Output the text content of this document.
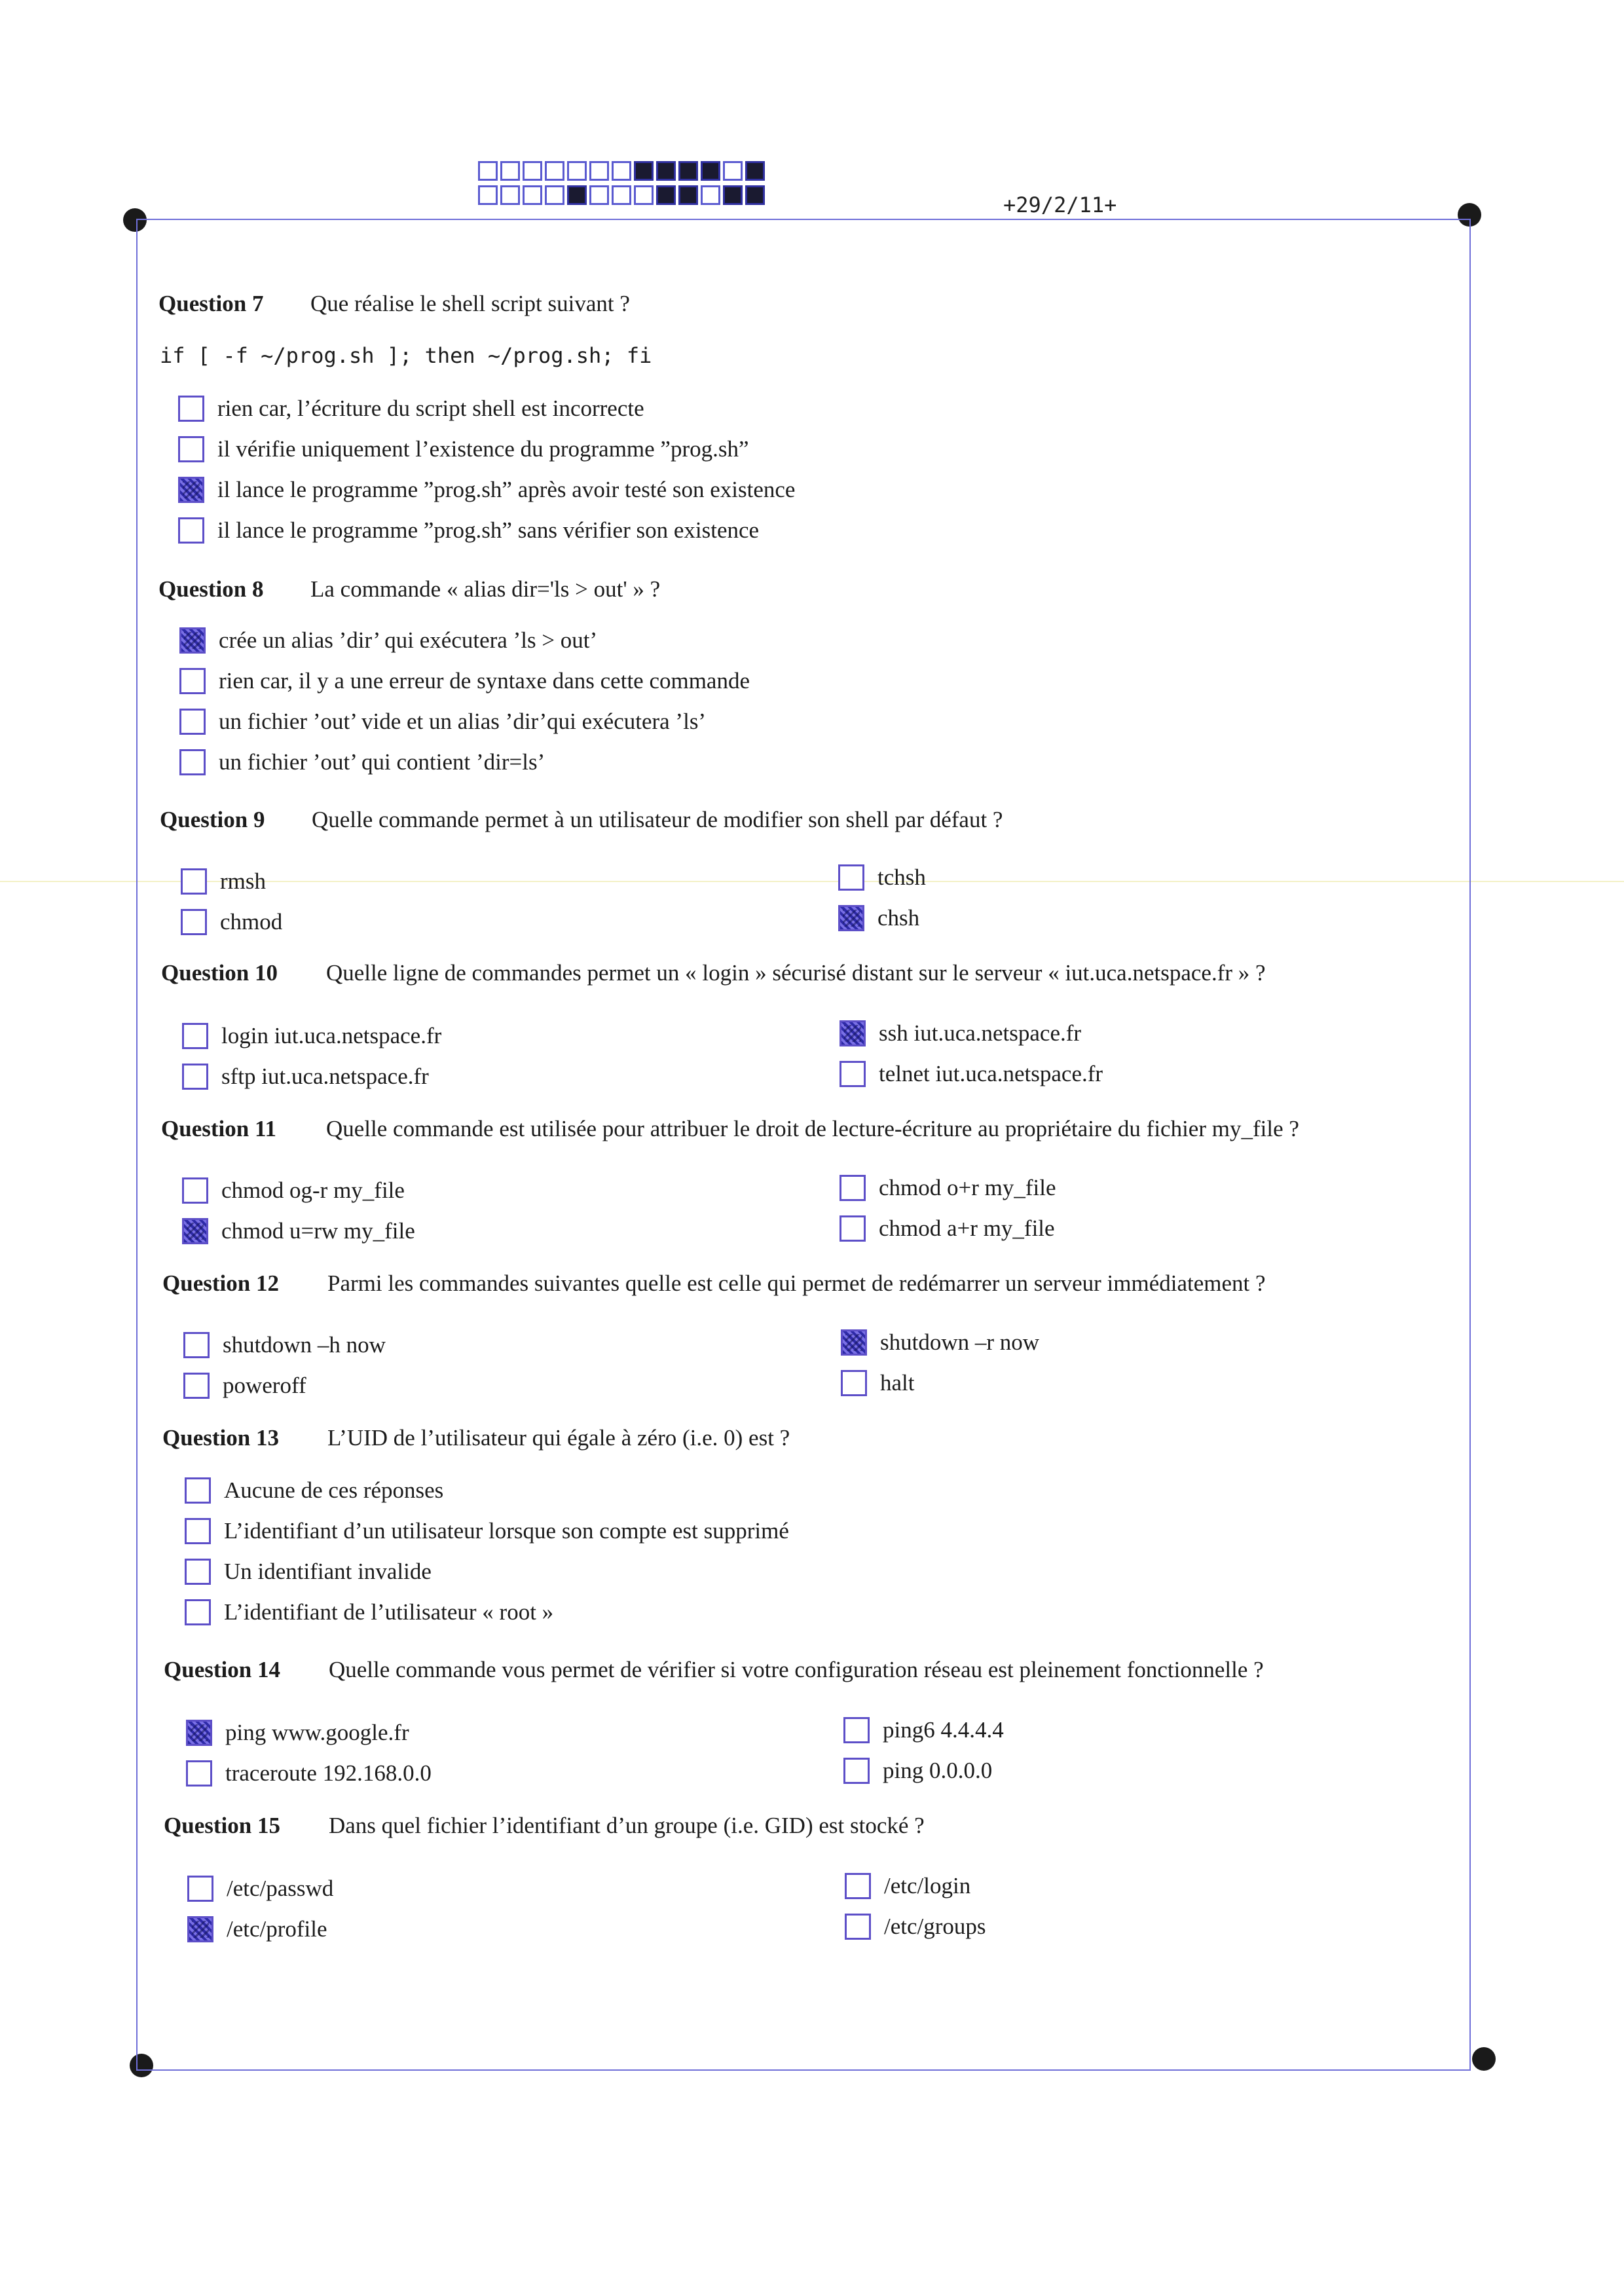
+29/2/11+
Question 7 Que réalise le shell script suivant ?
if [ -f ~/prog.sh ]; then ~/prog.sh; fi
rien car, l’écriture du script shell est incorrecte
il vérifie uniquement l’existence du programme ”prog.sh”
il lance le programme ”prog.sh” après avoir testé son existence
il lance le programme ”prog.sh” sans vérifier son existence
Question 8 La commande « alias dir='ls > out' » ?
crée un alias ’dir’ qui exécutera ’ls > out’
rien car, il y a une erreur de syntaxe dans cette commande
un fichier ’out’ vide et un alias ’dir’qui exécutera ’ls’
un fichier ’out’ qui contient ’dir=ls’
Question 9 Quelle commande permet à un utilisateur de modifier son shell par défaut ?
rmsh
chmod
tchsh
chsh
Question 10 Quelle ligne de commandes permet un « login » sécurisé distant sur le serveur « iut.uca.netspace.fr » ?
login iut.uca.netspace.fr
sftp iut.uca.netspace.fr
ssh iut.uca.netspace.fr
telnet iut.uca.netspace.fr
Question 11 Quelle commande est utilisée pour attribuer le droit de lecture-écriture au propriétaire du fichier my_file ?
chmod og-r my_file
chmod u=rw my_file
chmod o+r my_file
chmod a+r my_file
Question 12 Parmi les commandes suivantes quelle est celle qui permet de redémarrer un serveur immédiatement ?
shutdown –h now
poweroff
shutdown –r now
halt
Question 13 L’UID de l’utilisateur qui égale à zéro (i.e. 0) est ?
Aucune de ces réponses
L’identifiant d’un utilisateur lorsque son compte est supprimé
Un identifiant invalide
L’identifiant de l’utilisateur « root »
Question 14 Quelle commande vous permet de vérifier si votre configuration réseau est pleinement fonctionnelle ?
ping www.google.fr
traceroute 192.168.0.0
ping6 4.4.4.4
ping 0.0.0.0
Question 15 Dans quel fichier l’identifiant d’un groupe (i.e. GID) est stocké ?
/etc/passwd
/etc/profile
/etc/login
/etc/groups
